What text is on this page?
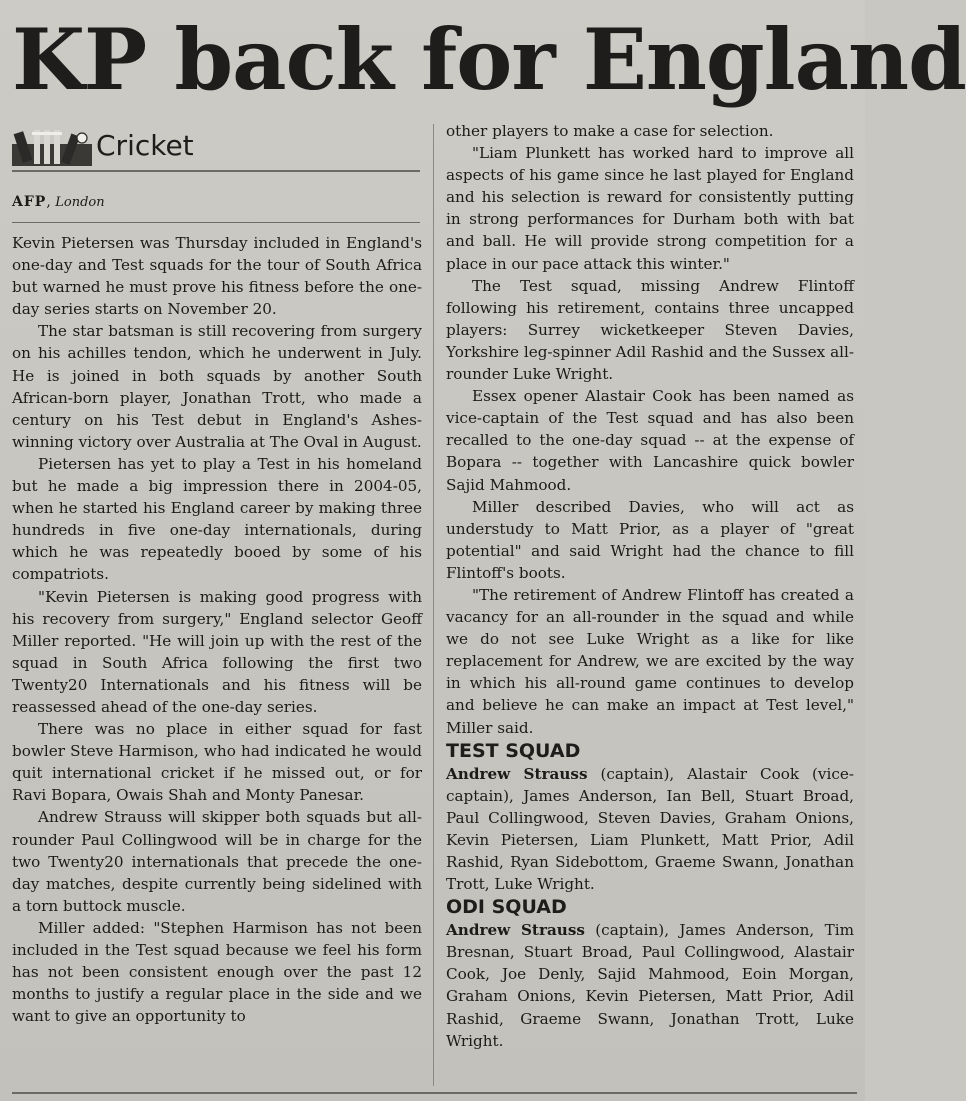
KP back for England
Cricket
AFP, London

Kevin Pietersen was Thursday included in England's one-day and Test squads for the tour of South Africa but warned he must prove his fitness before the one-day series starts on November 20.

The star batsman is still recovering from surgery on his achilles tendon, which he underwent in July. He is joined in both squads by another South African-born player, Jonathan Trott, who made a century on his Test debut in England's Ashes-winning victory over Australia at The Oval in August.

Pietersen has yet to play a Test in his homeland but he made a big impression there in 2004-05, when he started his England career by making three hundreds in five one-day internationals, during which he was repeatedly booed by some of his compatriots.

"Kevin Pietersen is making good progress with his recovery from surgery," England selector Geoff Miller reported. "He will join up with the rest of the squad in South Africa following the first two Twenty20 Internationals and his fitness will be reassessed ahead of the one-day series.

There was no place in either squad for fast bowler Steve Harmison, who had indicated he would quit international cricket if he missed out, or for Ravi Bopara, Owais Shah and Monty Panesar.

Andrew Strauss will skipper both squads but all-rounder Paul Collingwood will be in charge for the two Twenty20 internationals that precede the one-day matches, despite currently being sidelined with a torn buttock muscle.

Miller added: "Stephen Harmison has not been included in the Test squad because we feel his form has not been consistent enough over the past 12 months to justify a regular place in the side and we want to give an opportunity to

other players to make a case for selection.

"Liam Plunkett has worked hard to improve all aspects of his game since he last played for England and his selection is reward for consistently putting in strong performances for Durham both with bat and ball. He will provide strong competition for a place in our pace attack this winter."

The Test squad, missing Andrew Flintoff following his retirement, contains three uncapped players: Surrey wicketkeeper Steven Davies, Yorkshire leg-spinner Adil Rashid and the Sussex all-rounder Luke Wright.

Essex opener Alastair Cook has been named as vice-captain of the Test squad and has also been recalled to the one-day squad -- at the expense of Bopara -- together with Lancashire quick bowler Sajid Mahmood.

Miller described Davies, who will act as understudy to Matt Prior, as a player of "great potential" and said Wright had the chance to fill Flintoff's boots.

"The retirement of Andrew Flintoff has created a vacancy for an all-rounder in the squad and while we do not see Luke Wright as a like for like replacement for Andrew, we are excited by the way in which his all-round game continues to develop and believe he can make an impact at Test level," Miller said.

TEST SQUAD

Andrew Strauss (captain), Alastair Cook (vice-captain), James Anderson, Ian Bell, Stuart Broad, Paul Collingwood, Steven Davies, Graham Onions, Kevin Pietersen, Liam Plunkett, Matt Prior, Adil Rashid, Ryan Sidebottom, Graeme Swann, Jonathan Trott, Luke Wright.

ODI SQUAD

Andrew Strauss (captain), James Anderson, Tim Bresnan, Stuart Broad, Paul Collingwood, Alastair Cook, Joe Denly, Sajid Mahmood, Eoin Morgan, Graham Onions, Kevin Pietersen, Matt Prior, Adil Rashid, Graeme Swann, Jonathan Trott, Luke Wright.
